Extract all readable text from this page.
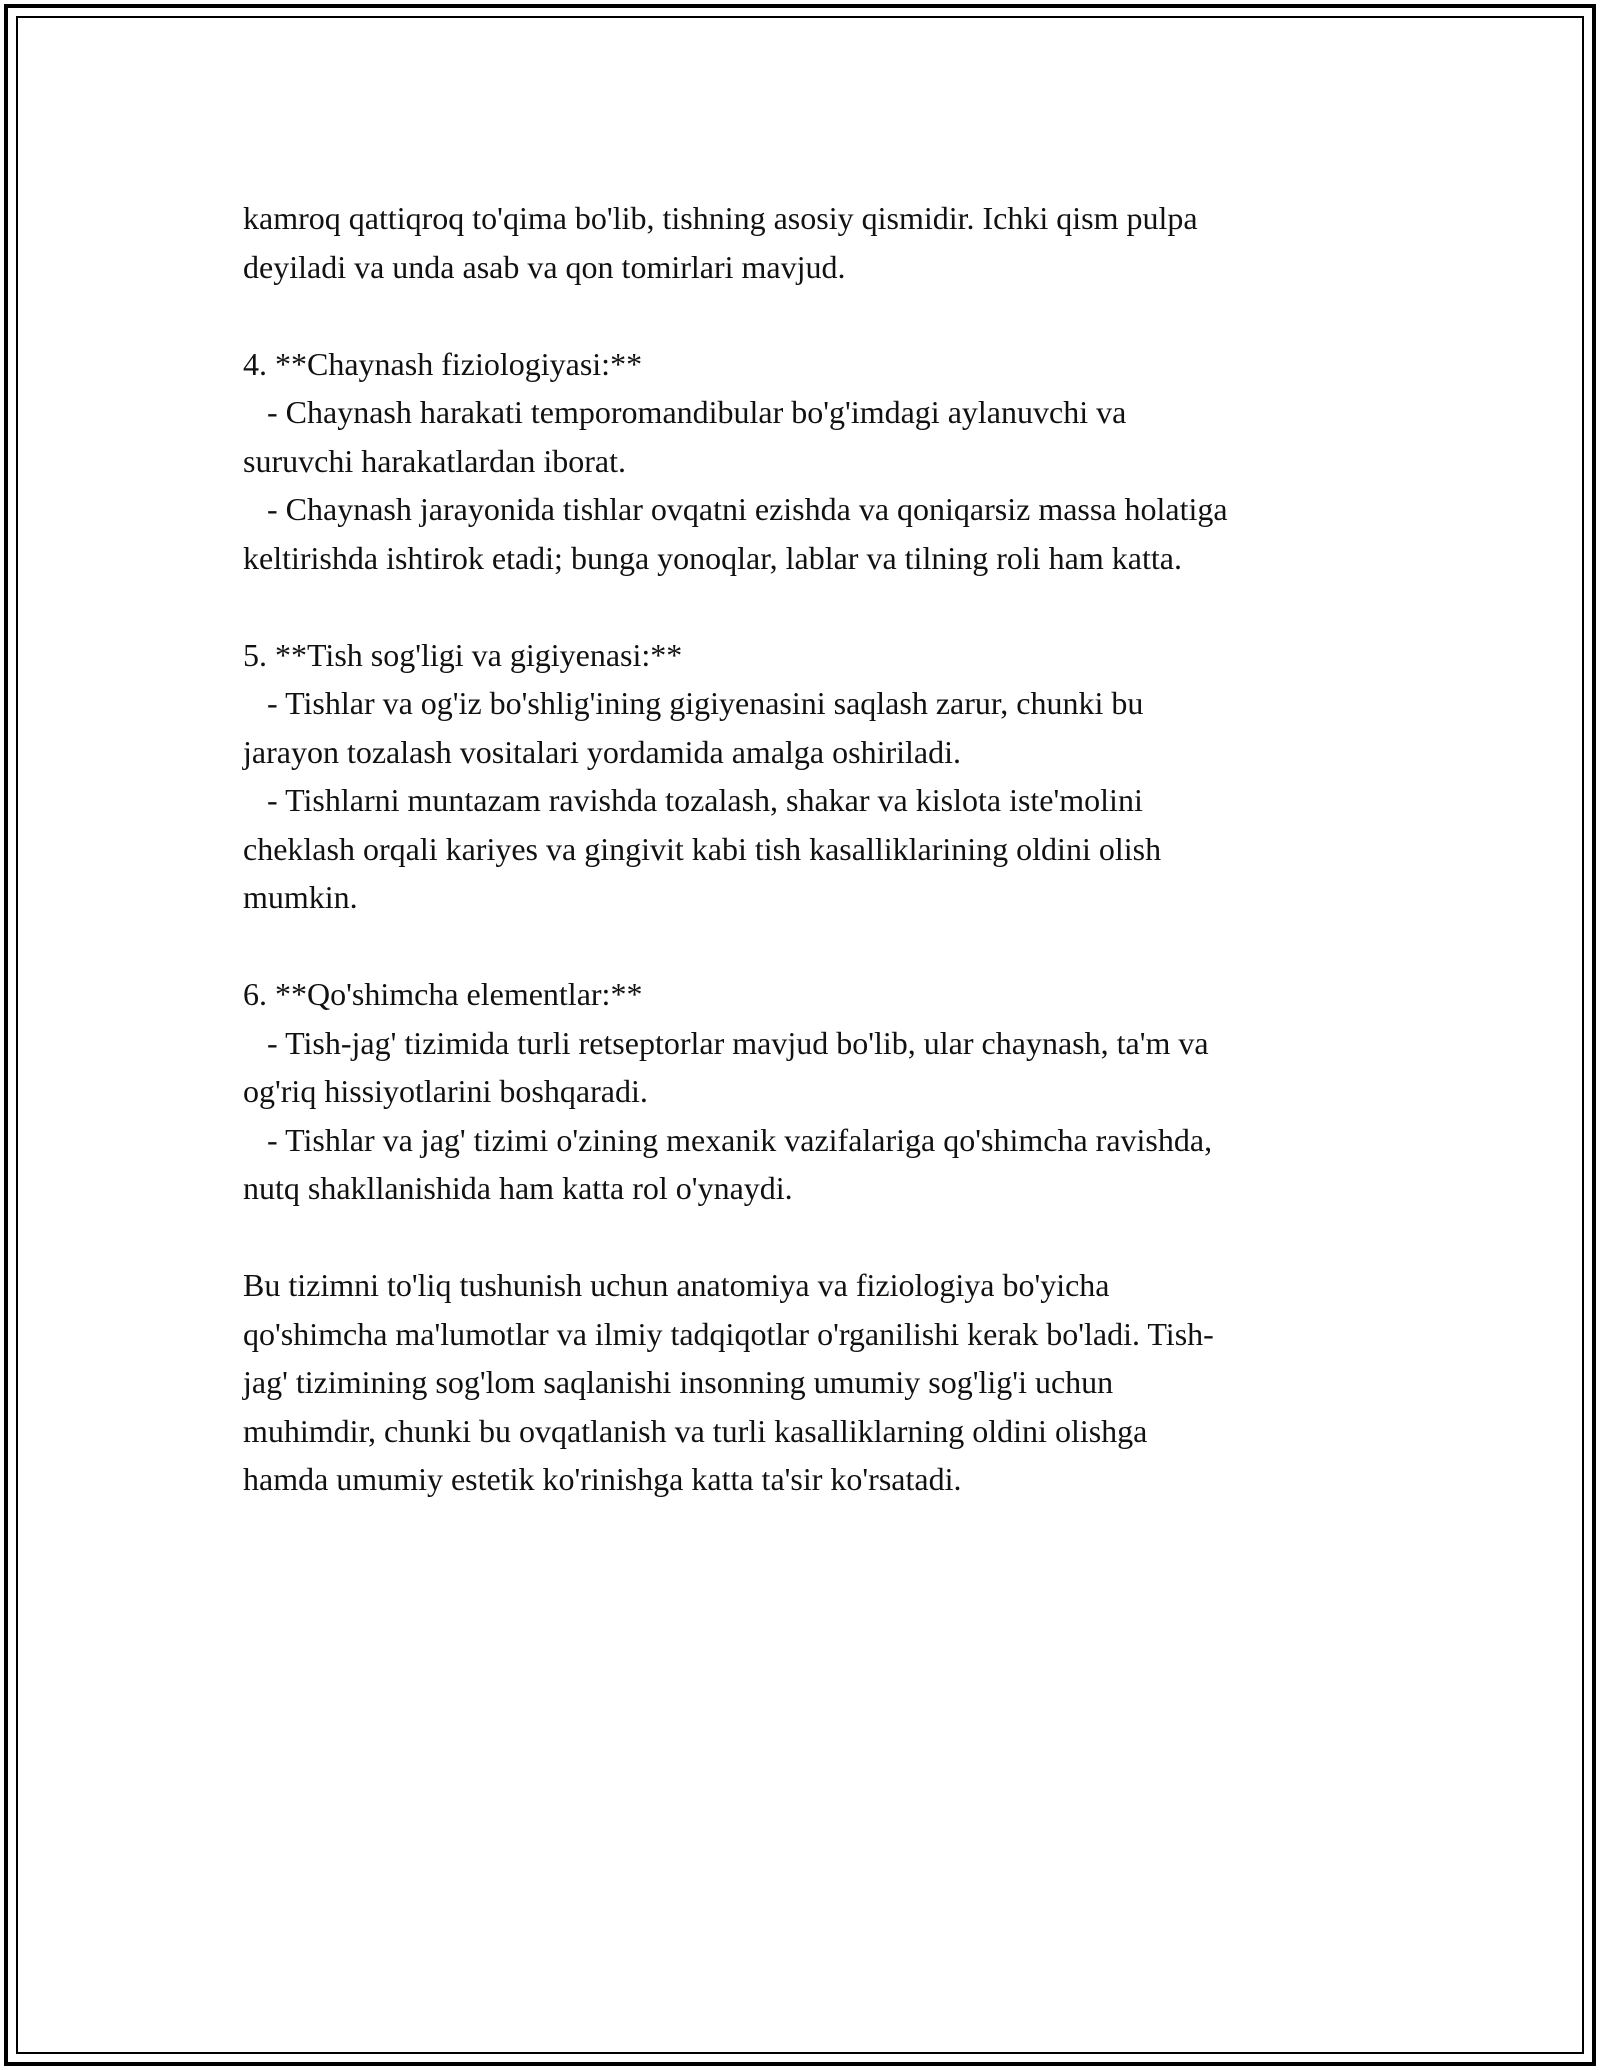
kamroq qattiqroq to'qima bo'lib, tishning asosiy qismidir. Ichki qism pulpa
deyiladi va unda asab va qon tomirlari mavjud.

4. **Chaynash fiziologiyasi:**
- Chaynash harakati temporomandibular bo'g'imdagi aylanuvchi va
suruvchi harakatlardan iborat.
- Chaynash jarayonida tishlar ovqatni ezishda va qoniqarsiz massa holatiga
keltirishda ishtirok etadi; bunga yonoqlar, lablar va tilning roli ham katta.

5. **Tish sog'ligi va gigiyenasi:**
- Tishlar va og'iz bo'shlig'ining gigiyenasini saqlash zarur, chunki bu
jarayon tozalash vositalari yordamida amalga oshiriladi.
- Tishlarni muntazam ravishda tozalash, shakar va kislota iste'molini
cheklash orqali kariyes va gingivit kabi tish kasalliklarining oldini olish
mumkin.

6. **Qo'shimcha elementlar:**
- Tish-jag' tizimida turli retseptorlar mavjud bo'lib, ular chaynash, ta'm va
og'riq hissiyotlarini boshqaradi.
- Tishlar va jag' tizimi o'zining mexanik vazifalariga qo'shimcha ravishda,
nutq shakllanishida ham katta rol o'ynaydi.

Bu tizimni to'liq tushunish uchun anatomiya va fiziologiya bo'yicha
qo'shimcha ma'lumotlar va ilmiy tadqiqotlar o'rganilishi kerak bo'ladi. Tish-
jag' tizimining sog'lom saqlanishi insonning umumiy sog'lig'i uchun
muhimdir, chunki bu ovqatlanish va turli kasalliklarning oldini olishga
hamda umumiy estetik ko'rinishga katta ta'sir ko'rsatadi.
